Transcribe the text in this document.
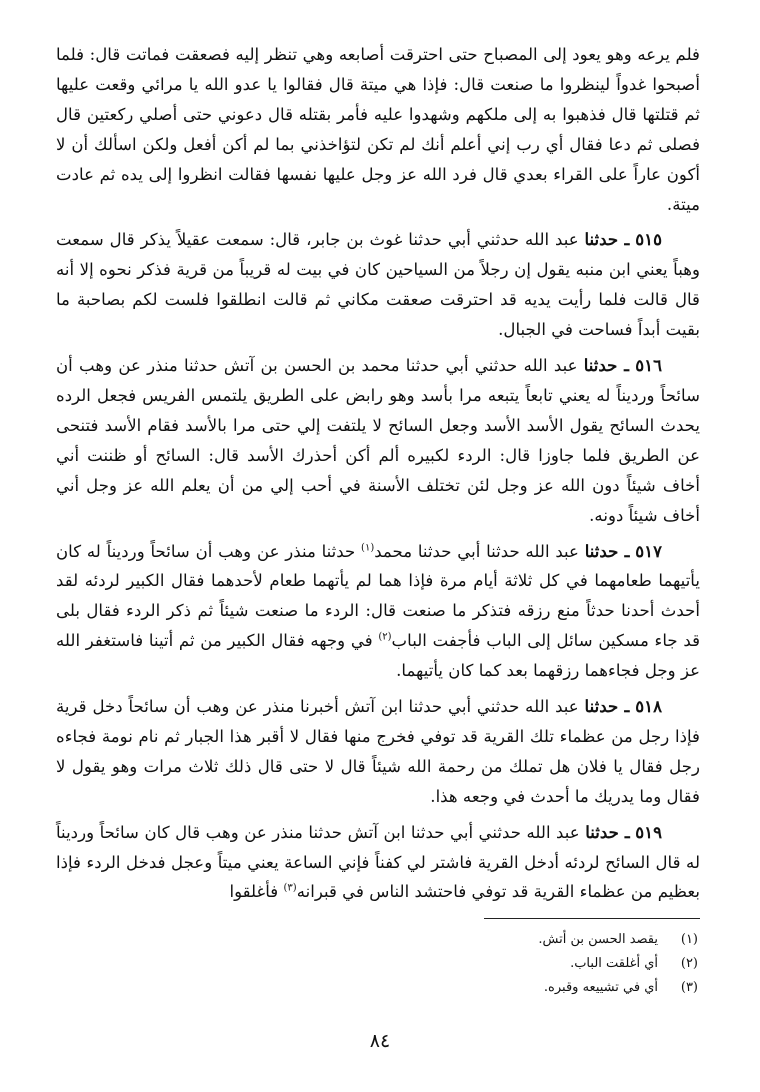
فلم يرعه وهو يعود إلى المصباح حتى احترقت أصابعه وهي تنظر إليه فصعقت فماتت قال: فلما أصبحوا غدواً لينظروا ما صنعت قال: فإذا هي ميتة قال فقالوا يا عدو الله يا مرائي وقعت عليها ثم قتلتها قال فذهبوا به إلى ملكهم وشهدوا عليه فأمر بقتله قال دعوني حتى أصلي ركعتين قال فصلى ثم دعا فقال أي رب إني أعلم أنك لم تكن لتؤاخذني بما لم أكن أفعل ولكن اسألك أن لا أكون عاراً على القراء بعدي قال فرد الله عز وجل عليها نفسها فقالت انظروا إلى يده ثم عادت ميتة.

٥١٥ ـ حدثنا عبد الله حدثني أبي حدثنا غوث بن جابر، قال: سمعت عقيلاً يذكر قال سمعت وهباً يعني ابن منبه يقول إن رجلاً من السياحين كان في بيت له قريباً من قرية فذكر نحوه إلا أنه قال قالت فلما رأيت يديه قد احترقت صعقت مكاني ثم قالت انطلقوا فلست لكم بصاحبة ما بقيت أبداً فساحت في الجبال.

٥١٦ ـ حدثنا عبد الله حدثني أبي حدثنا محمد بن الحسن بن آتش حدثنا منذر عن وهب أن سائحاً ورديناً له يعني تابعاً يتبعه مرا بأسد وهو رابض على الطريق يلتمس الفريس فجعل الرده يحدث السائح يقول الأسد الأسد وجعل السائح لا يلتفت إلي حتى مرا بالأسد فقام الأسد فتنحى عن الطريق فلما جاوزا قال: الردء لكبيره ألم أكن أحذرك الأسد قال: السائح أو ظننت أني أخاف شيئاً دون الله عز وجل لئن تختلف الأسنة في أحب إلي من أن يعلم الله عز وجل أني أخاف شيئاً دونه.

٥١٧ ـ حدثنا عبد الله حدثنا أبي حدثنا محمد$^{(١)}$ حدثنا منذر عن وهب أن سائحاً ورديناً له كان يأتيهما طعامهما في كل ثلاثة أيام مرة فإذا هما لم يأتهما طعام لأحدهما فقال الكبير لردئه لقد أحدث أحدنا حدثاً منع رزقه فتذكر ما صنعت قال: الردء ما صنعت شيئاً ثم ذكر الردء فقال بلى قد جاء مسكين سائل إلى الباب فأجفت الباب$^{(٢)}$ في وجهه فقال الكبير من ثم أتينا فاستغفر الله عز وجل فجاءهما رزقهما بعد كما كان يأتيهما.

٥١٨ ـ حدثنا عبد الله حدثني أبي حدثنا ابن آتش أخبرنا منذر عن وهب أن سائحاً دخل قرية فإذا رجل من عظماء تلك القرية قد توفي فخرج منها فقال لا أقبر هذا الجبار ثم نام نومة فجاءه رجل فقال يا فلان هل تملك من رحمة الله شيئاً قال لا حتى قال ذلك ثلاث مرات وهو يقول لا فقال وما يدريك ما أحدث في وجعه هذا.

٥١٩ ـ حدثنا عبد الله حدثني أبي حدثنا ابن آتش حدثنا منذر عن وهب قال كان سائحاً ورديناً له قال السائح لردئه أدخل القرية فاشتر لي كفناً فإني الساعة يعني ميتاً وعجل فدخل الردء فإذا بعظيم من عظماء القرية قد توفي فاحتشد الناس في قبرانه$^{(٣)}$ فأغلقوا

(١)
يقصد الحسن بن أتش.
(٢)
أي أغلقت الباب.
(٣)
أي في تشييعه وقبره.
٨٤
